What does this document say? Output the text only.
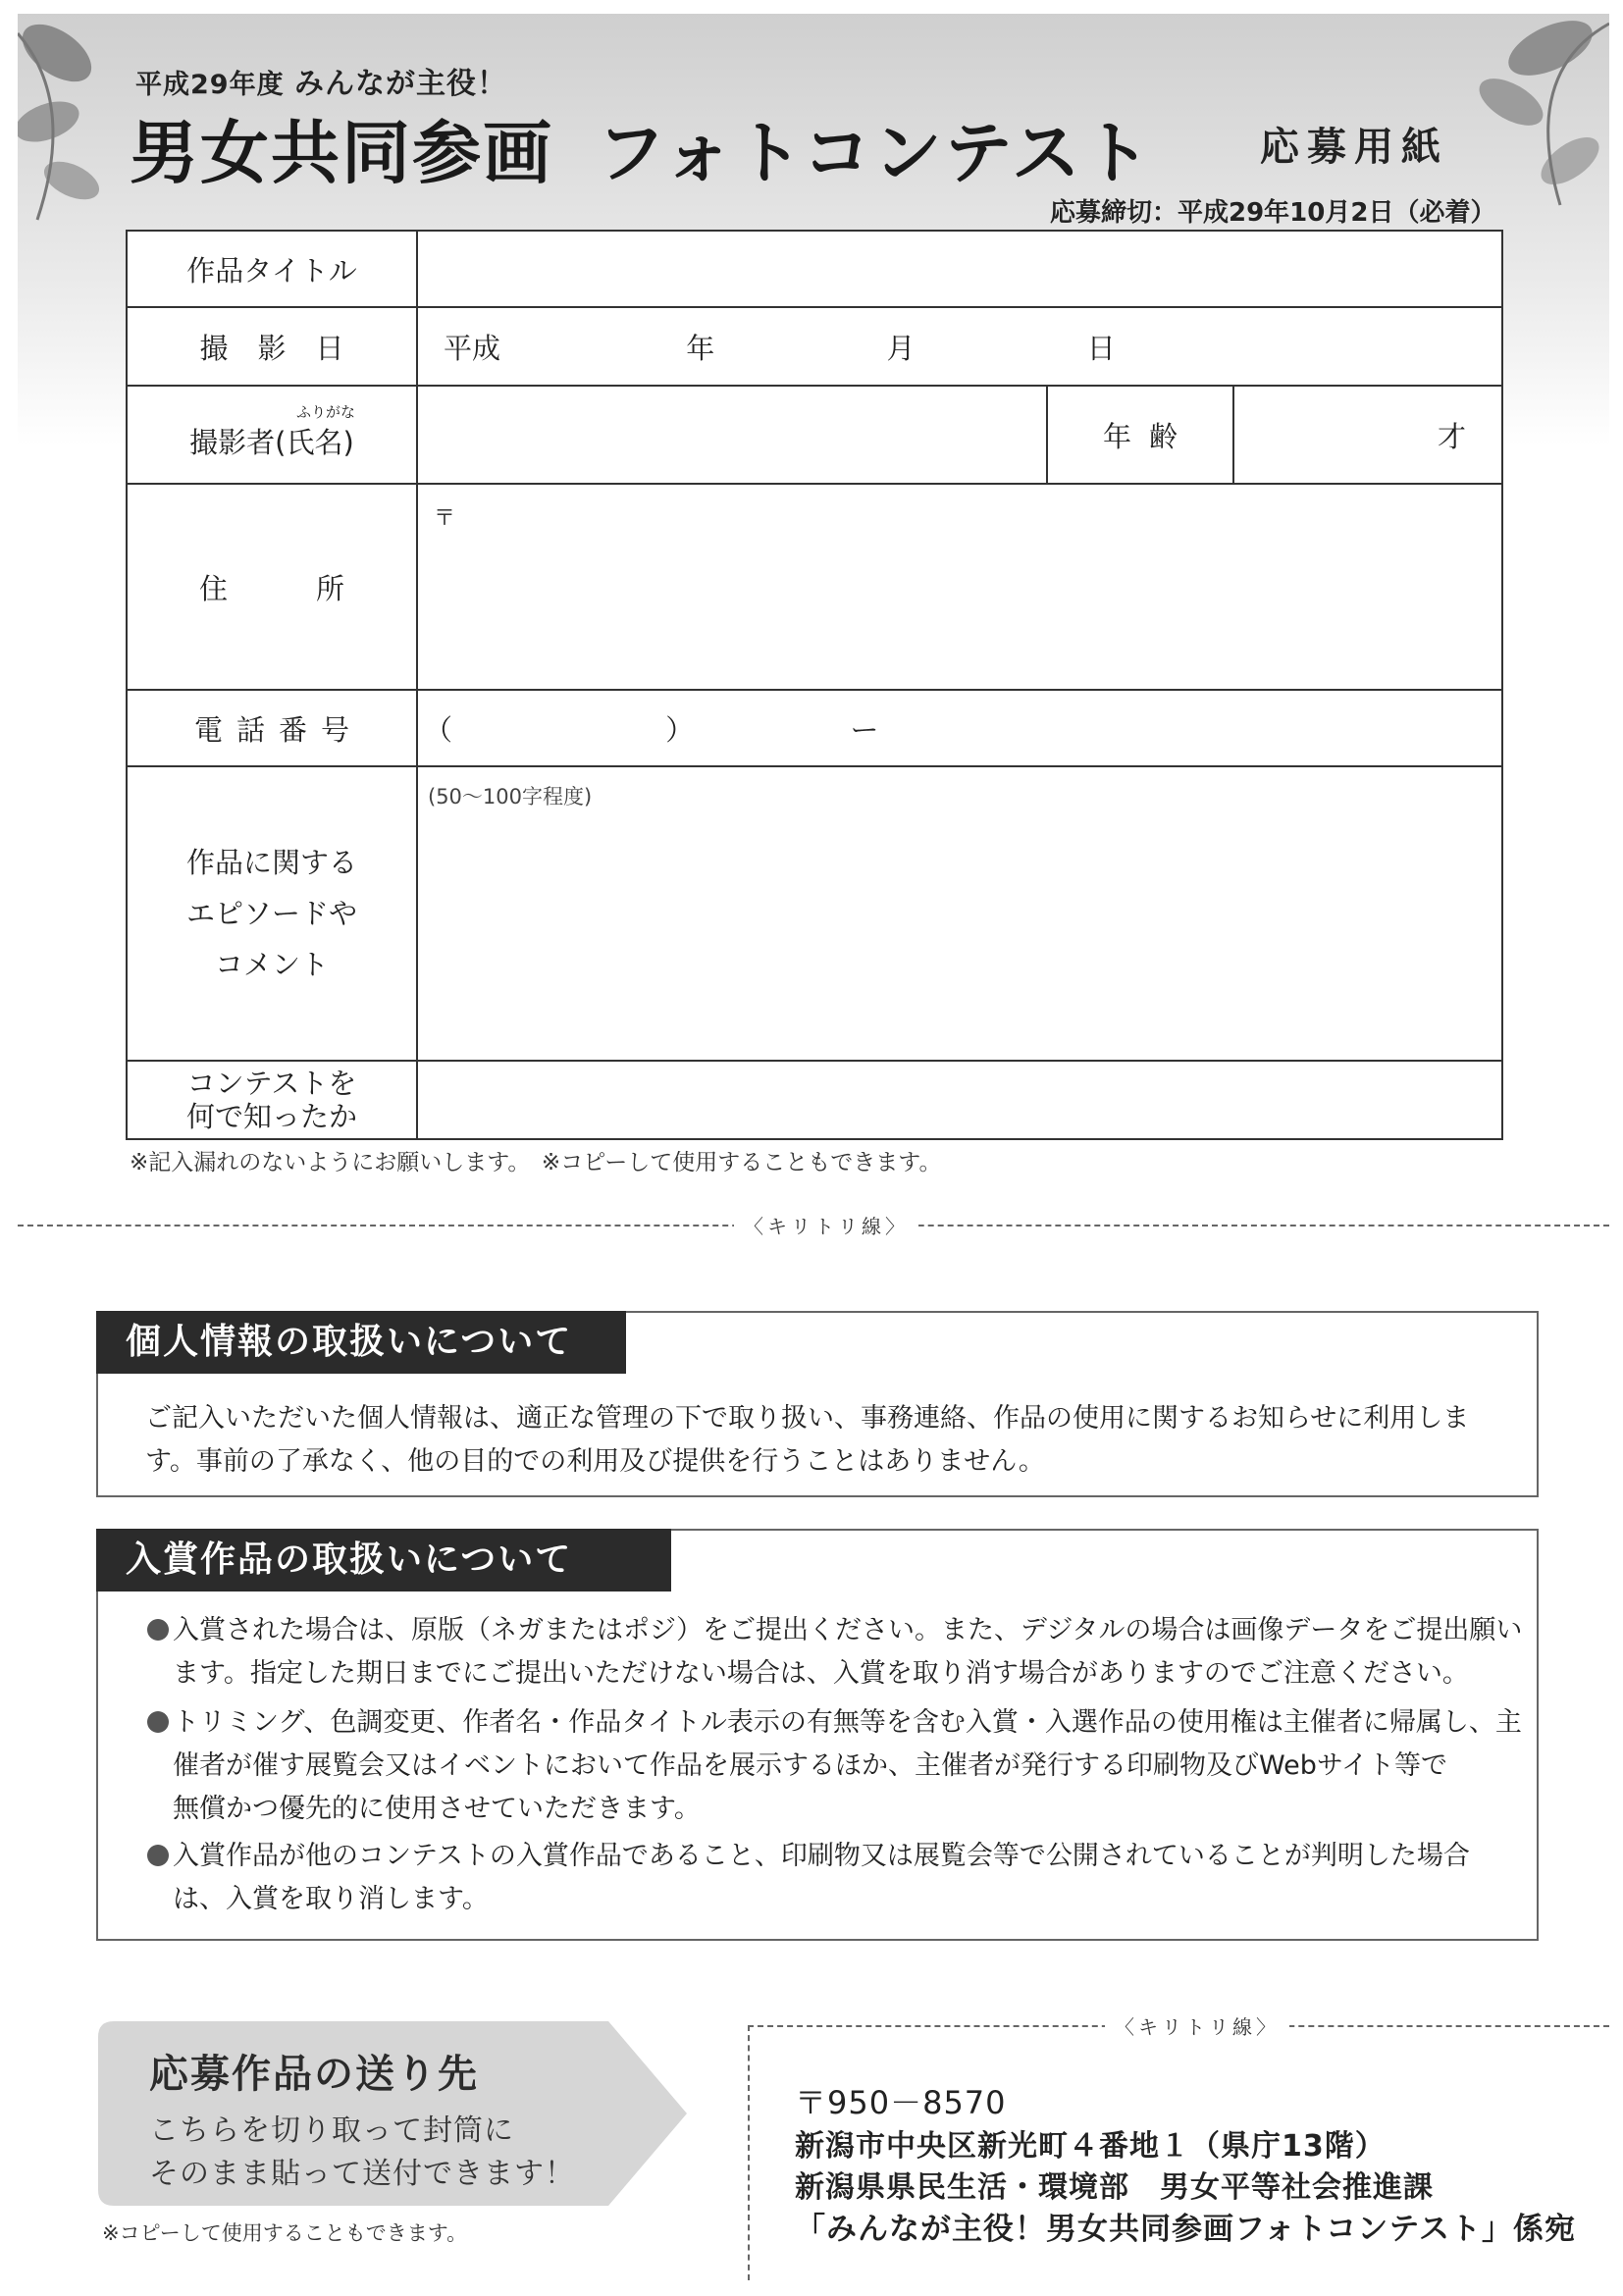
平成29年度 みんなが主役！
男女共同参画 フォトコンテスト	応募用紙
応募締切：平成29年10月2日（必着）
作品タイトル			
撮影日	平成 年 月 日		

ふりがな
撮影者(氏名)		年齢	才
住所	〒		
電話番号	（ ） ー		

作品に関する
エピソードや
コメント	(50～100字程度)		

コンテストを
何で知ったか			

※記入漏れのないようにお願いします。　※コピーして使用することもできます。
〈キリトリ線〉
個人情報の取扱いについて
ご記入いただいた個人情報は、適正な管理の下で取り扱い、事務連絡、作品の使用に関するお知らせに利用しま
す。事前の了承なく、他の目的での利用及び提供を行うことはありません。
入賞作品の取扱いについて
入賞された場合は、原版（ネガまたはポジ）をご提出ください。また、デジタルの場合は画像データをご提出願い
ます。指定した期日までにご提出いただけない場合は、入賞を取り消す場合がありますのでご注意ください。
トリミング、色調変更、作者名・作品タイトル表示の有無等を含む入賞・入選作品の使用権は主催者に帰属し、主
催者が催す展覧会又はイベントにおいて作品を展示するほか、主催者が発行する印刷物及びWebサイト等で
無償かつ優先的に使用させていただきます。
入賞作品が他のコンテストの入賞作品であること、印刷物又は展覧会等で公開されていることが判明した場合
は、入賞を取り消します。
応募作品の送り先
こちらを切り取って封筒に
そのまま貼って送付できます！
※コピーして使用することもできます。
〈キリトリ線〉
〒950－8570
新潟市中央区新光町４番地１（県庁13階）
新潟県県民生活・環境部　男女平等社会推進課
「みんなが主役！男女共同参画フォトコンテスト」係宛
